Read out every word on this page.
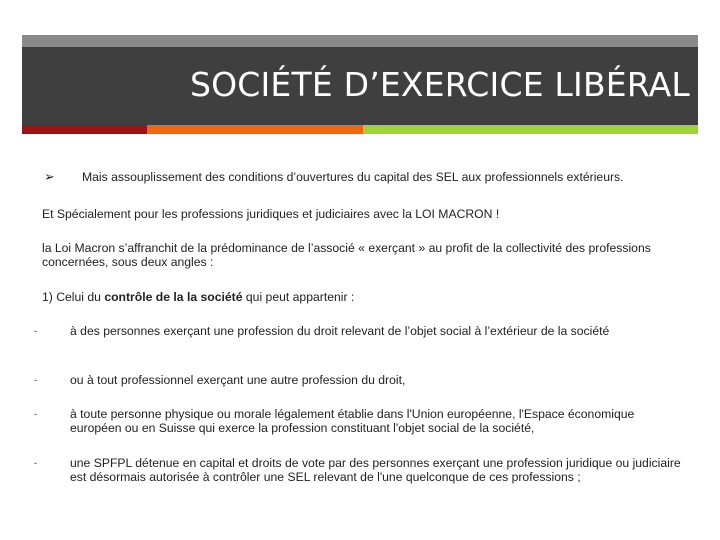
SOCIÉTÉ D’EXERCICE LIBÉRAL
➢ Mais assouplissement des conditions d’ouvertures du capital des SEL aux professionnels extérieurs.
Et Spécialement pour les professions juridiques et judiciaires avec la LOI MACRON !
la Loi Macron s’affranchit de la prédominance de l’associé « exerçant » au profit de la collectivité des professions concernées, sous deux angles :
1) Celui du contrôle de la la société qui peut appartenir :
-	à des personnes exerçant une profession du droit relevant de l’objet social à l’extérieur de la société
-	ou à tout professionnel exerçant une autre profession du droit,
-	à toute personne physique ou morale légalement établie dans l'Union européenne, l'Espace économique européen ou en Suisse qui exerce la profession constituant l'objet social de la société,
-	une SPFPL détenue en capital et droits de vote par des personnes exerçant une profession juridique ou judiciaire est désormais autorisée à contrôler une SEL relevant de l'une quelconque de ces professions ;
